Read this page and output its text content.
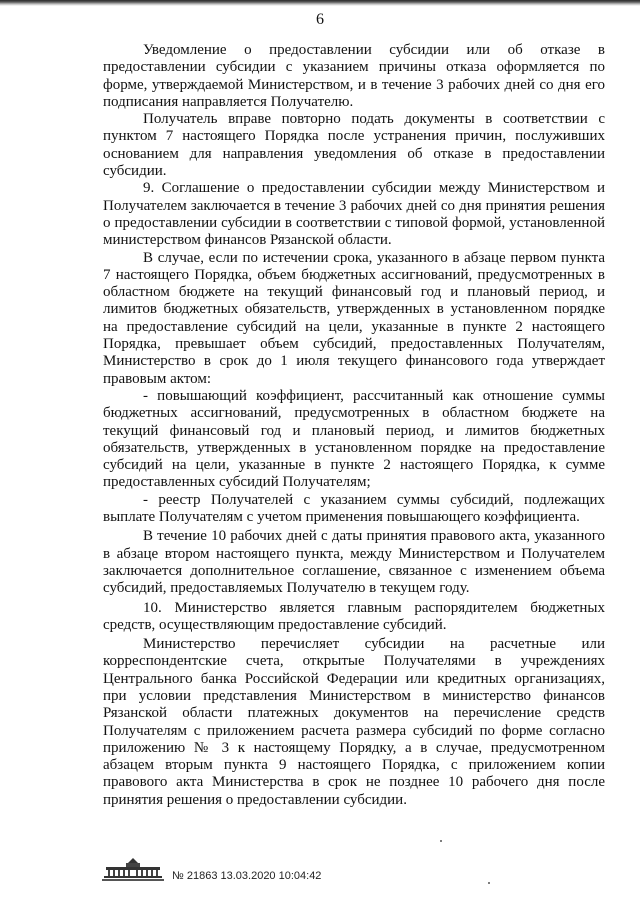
6

Уведомление о предоставлении субсидии или об отказе в предоставлении субсидии с указанием причины отказа оформляется по форме, утверждаемой Министерством, и в течение 3 рабочих дней со дня его подписания направляется Получателю.

Получатель вправе повторно подать документы в соответствии с пунктом 7 настоящего Порядка после устранения причин, послуживших основанием для направления уведомления об отказе в предоставлении субсидии.

9. Соглашение о предоставлении субсидии между Министерством и Получателем заключается в течение 3 рабочих дней со дня принятия решения о предоставлении субсидии в соответствии с типовой формой, установленной министерством финансов Рязанской области.

В случае, если по истечении срока, указанного в абзаце первом пункта 7 настоящего Порядка, объем бюджетных ассигнований, предусмотренных в областном бюджете на текущий финансовый год и плановый период, и лимитов бюджетных обязательств, утвержденных в установленном порядке на предоставление субсидий на цели, указанные в пункте 2 настоящего Порядка, превышает объем субсидий, предоставленных Получателям, Министерство в срок до 1 июля текущего финансового года утверждает правовым актом:

- повышающий коэффициент, рассчитанный как отношение суммы бюджетных ассигнований, предусмотренных в областном бюджете на текущий финансовый год и плановый период, и лимитов бюджетных обязательств, утвержденных в установленном порядке на предоставление субсидий на цели, указанные в пункте 2 настоящего Порядка, к сумме предоставленных субсидий Получателям;

- реестр Получателей с указанием суммы субсидий, подлежащих выплате Получателям с учетом применения повышающего коэффициента.

В течение 10 рабочих дней с даты принятия правового акта, указанного в абзаце втором настоящего пункта, между Министерством и Получателем заключается дополнительное соглашение, связанное с изменением объема субсидий, предоставляемых Получателю в текущем году.

10. Министерство является главным распорядителем бюджетных средств, осуществляющим предоставление субсидий.

Министерство перечисляет субсидии на расчетные или корреспондентские счета, открытые Получателями в учреждениях Центрального банка Российской Федерации или кредитных организациях, при условии представления Министерством в министерство финансов Рязанской области платежных документов на перечисление средств Получателям с приложением расчета размера субсидий по форме согласно приложению № 3 к настоящему Порядку, а в случае, предусмотренном абзацем вторым пункта 9 настоящего Порядка, с приложением копии правового акта Министерства в срок не позднее 10 рабочего дня после принятия решения о предоставлении субсидии.

№ 21863 13.03.2020 10:04:42
